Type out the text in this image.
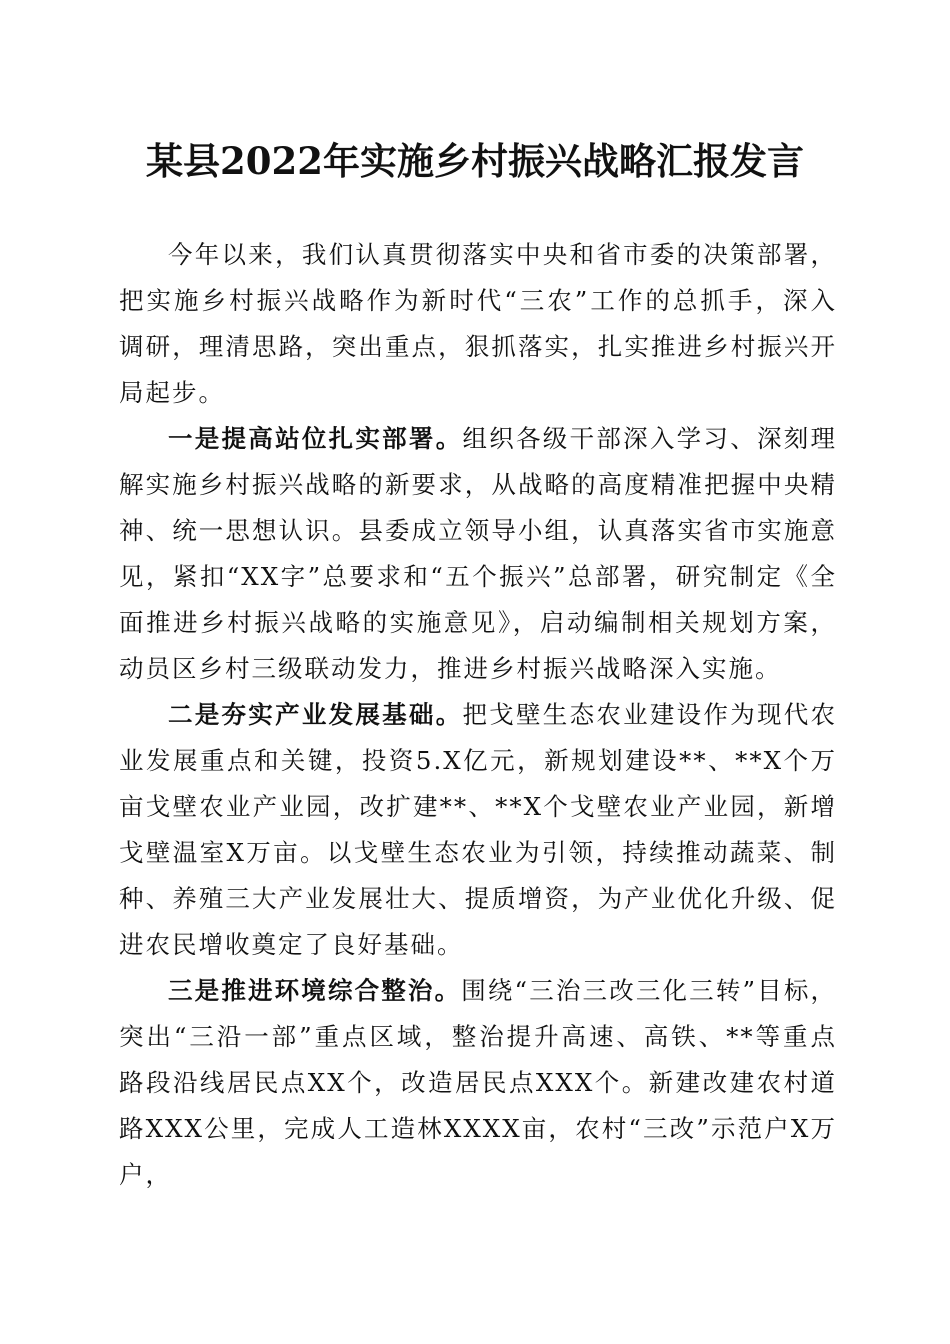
某县2022年实施乡村振兴战略汇报发言

今年以来，我们认真贯彻落实中央和省市委的决策部署，把实施乡村振兴战略作为新时代“三农”工作的总抓手，深入调研，理清思路，突出重点，狠抓落实，扎实推进乡村振兴开局起步。

一是提高站位扎实部署。组织各级干部深入学习、深刻理解实施乡村振兴战略的新要求，从战略的高度精准把握中央精神、统一思想认识。县委成立领导小组，认真落实省市实施意见，紧扣“XX字”总要求和“五个振兴”总部署，研究制定《全面推进乡村振兴战略的实施意见》，启动编制相关规划方案，动员区乡村三级联动发力，推进乡村振兴战略深入实施。

二是夯实产业发展基础。把戈壁生态农业建设作为现代农业发展重点和关键，投资5.X亿元，新规划建设**、**X个万亩戈壁农业产业园，改扩建**、**X个戈壁农业产业园，新增戈壁温室X万亩。以戈壁生态农业为引领，持续推动蔬菜、制种、养殖三大产业发展壮大、提质增资，为产业优化升级、促进农民增收奠定了良好基础。

三是推进环境综合整治。围绕“三治三改三化三转”目标，突出“三沿一部”重点区域，整治提升高速、高铁、**等重点路段沿线居民点XX个，改造居民点XXX个。新建改建农村道路XXX公里，完成人工造林XXXX亩，农村“三改”示范户X万户，
